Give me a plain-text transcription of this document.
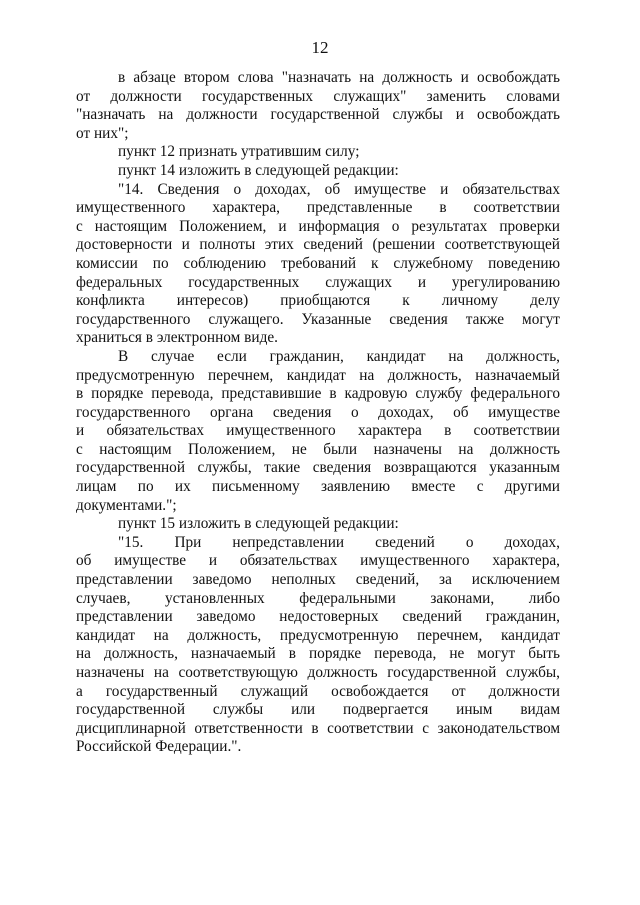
12
в абзаце втором слова "назначать на должность и освобождать
от должности государственных служащих" заменить словами
"назначать на должности государственной службы и освобождать
от них";
пункт 12 признать утратившим силу;
пункт 14 изложить в следующей редакции:
"14. Сведения о доходах, об имуществе и обязательствах
имущественного характера, представленные в соответствии
с настоящим Положением, и информация о результатах проверки
достоверности и полноты этих сведений (решении соответствующей
комиссии по соблюдению требований к служебному поведению
федеральных государственных служащих и урегулированию
конфликта интересов) приобщаются к личному делу
государственного служащего. Указанные сведения также могут
храниться в электронном виде.
В случае если гражданин, кандидат на должность,
предусмотренную перечнем, кандидат на должность, назначаемый
в порядке перевода, представившие в кадровую службу федерального
государственного органа сведения о доходах, об имуществе
и обязательствах имущественного характера в соответствии
с настоящим Положением, не были назначены на должность
государственной службы, такие сведения возвращаются указанным
лицам по их письменному заявлению вместе с другими
документами.";
пункт 15 изложить в следующей редакции:
"15. При непредставлении сведений о доходах,
об имуществе и обязательствах имущественного характера,
представлении заведомо неполных сведений, за исключением
случаев, установленных федеральными законами, либо
представлении заведомо недостоверных сведений гражданин,
кандидат на должность, предусмотренную перечнем, кандидат
на должность, назначаемый в порядке перевода, не могут быть
назначены на соответствующую должность государственной службы,
а государственный служащий освобождается от должности
государственной службы или подвергается иным видам
дисциплинарной ответственности в соответствии с законодательством
Российской Федерации.".
